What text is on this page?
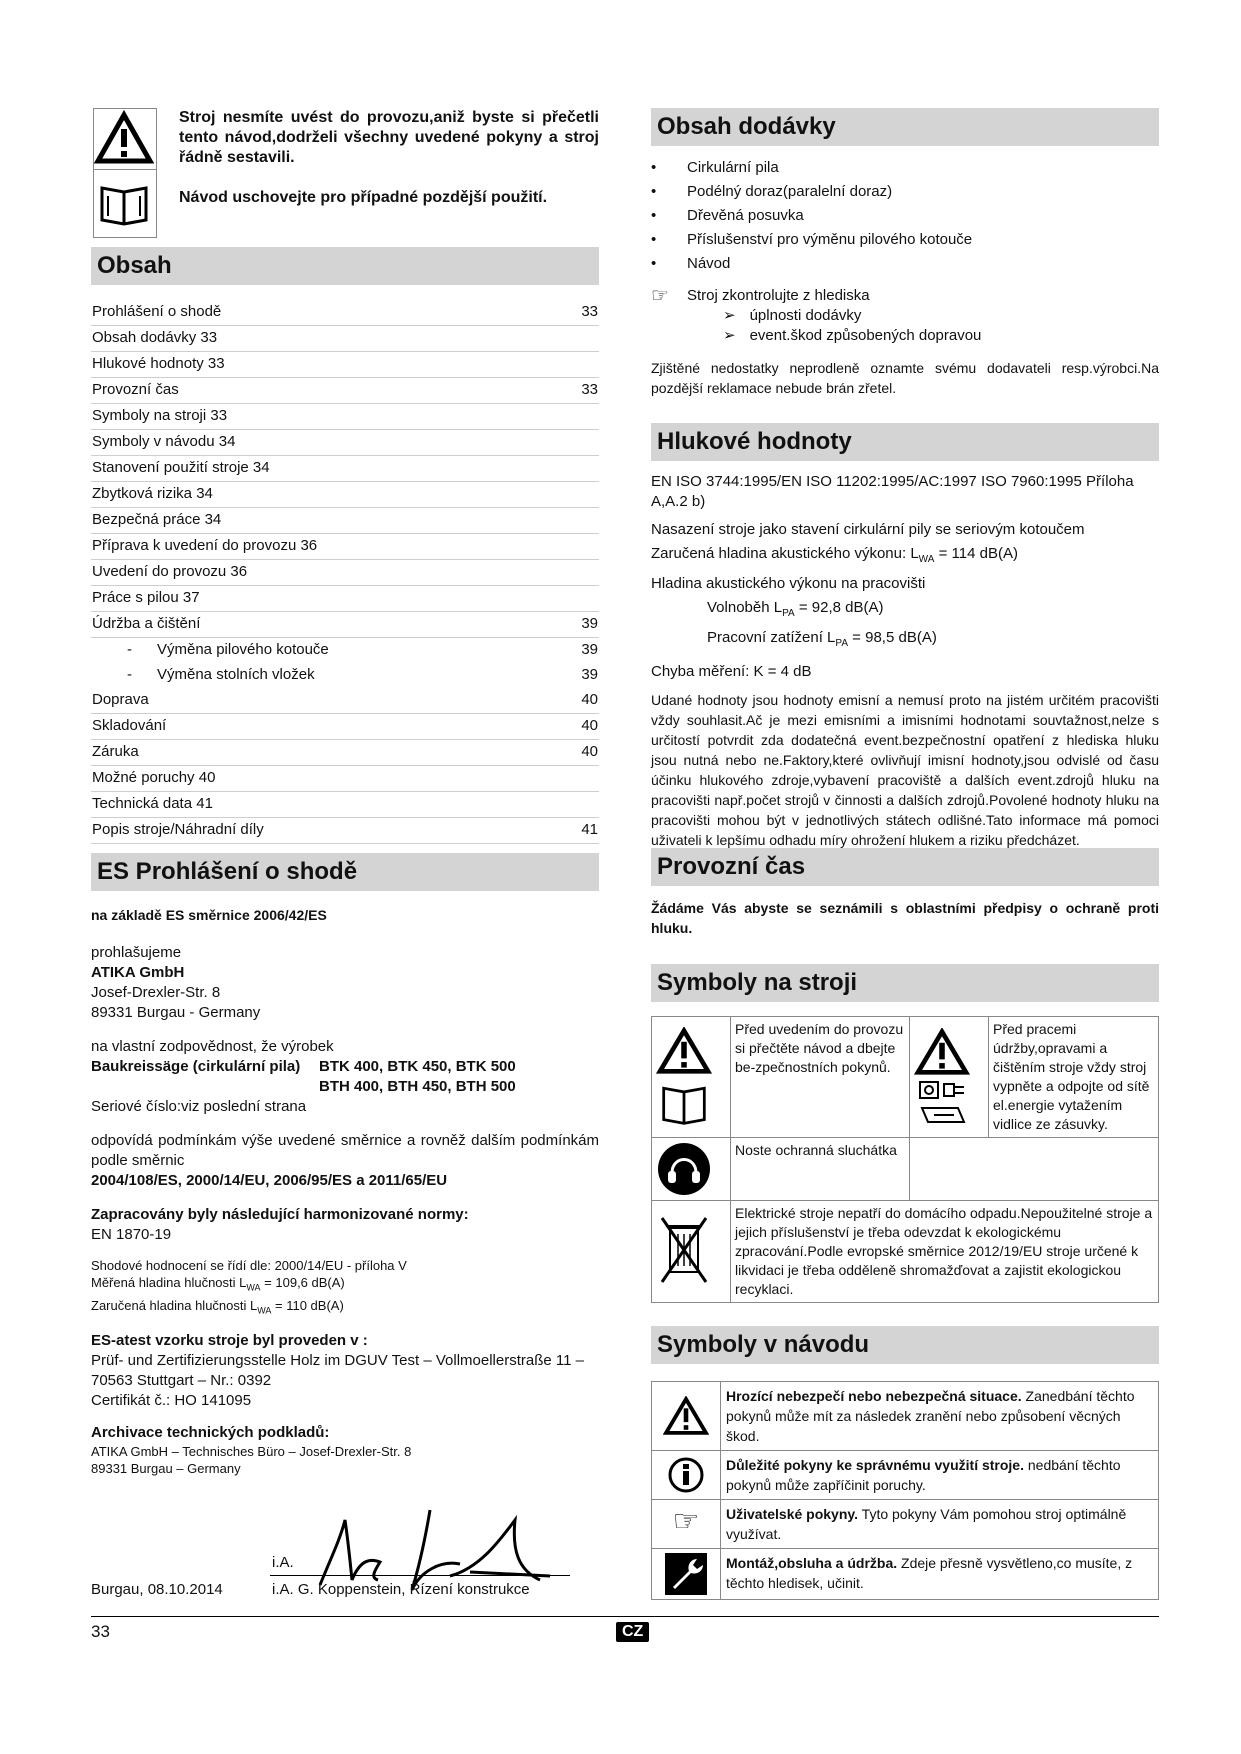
Stroj nesmíte uvést do provozu,aniž byste si přečetli tento návod,dodrželi všechny uvedené pokyny a stroj řádně sestavili.
Návod uschovejte pro případné pozdější použití.
Obsah
Prohlášení o shodě	33
Obsah dodávky 33	
Hlukové hodnoty 33	
Provozní čas	33
Symboly na stroji 33	
Symboly v návodu 34	
Stanovení použití stroje 34	
Zbytková rizika 34	
Bezpečná práce 34	
Příprava k uvedení do provozu 36	
Uvedení do provozu 36	
Práce s pilou 37	
Údržba a čištění	39
-      Výměna pilového kotouče	39
-      Výměna stolních vložek	39
Doprava	40
Skladování	40
Záruka	40
Možné poruchy 40	
Technická data 41	
Popis stroje/Náhradní díly	41
ES Prohlášení o shodě
na základě ES směrnice 2006/42/ES
prohlašujeme
ATIKA GmbH
Josef-Drexler-Str. 8
89331 Burgau - Germany
na vlastní zodpovědnost, že výrobek
Baukreissäge (cirkulární pila) BTK 400, BTK 450, BTK 500
BTH 400, BTH 450, BTH 500
Seriové číslo:viz poslední strana
odpovídá podmínkám výše uvedené směrnice a rovněž dalším podmínkám podle směrnic
2004/108/ES, 2000/14/EU, 2006/95/ES a 2011/65/EU
Zapracovány byly následující harmonizované normy:
EN 1870-19
Shodové hodnocení se řídí dle: 2000/14/EU - příloha V
Měřená hladina hlučnosti $L_{WA} = 109,6$ dB(A)
Zaručená hladina hlučnosti $L_{WA} = 110$ dB(A)
ES-atest vzorku stroje byl proveden v :
Prüf- und Zertifizierungsstelle Holz im DGUV Test – Vollmoellerstraße 11 –
70563 Stuttgart – Nr.: 0392
Certifikát č.: HO 141095
Archivace technických podkladů:
ATIKA GmbH – Technisches Büro – Josef-Drexler-Str. 8
89331 Burgau – Germany
i.A.
Burgau, 08.10.2014	i.A. G. Koppenstein, Řízení konstrukce
Obsah dodávky
• Cirkulární pila
• Podélný doraz(paralelní doraz)
• Dřevěná posuvka
• Příslušenství pro výměnu pilového kotouče
• Návod
☞	Stroj zkontrolujte z hlediska
➢ úplnosti dodávky
➢ event.škod způsobených dopravou
Zjištěné nedostatky neprodleně oznamte svému dodavateli resp.výrobci.Na pozdější reklamace nebude brán zřetel.
Hlukové hodnoty
EN ISO 3744:1995/EN ISO 11202:1995/AC:1997 ISO 7960:1995 Příloha A,A.2 b)
Nasazení stroje jako stavení cirkulární pily se seriovým kotoučem
Zaručená hladina akustického výkonu: $L_{WA} = 114$ dB(A)
Hladina akustického výkonu na pracovišti
Volnoběh $L_{PA} = 92,8$ dB(A)
Pracovní zatížení $L_{PA} = 98,5$ dB(A)
Chyba měření: K = 4 dB
Udané hodnoty jsou hodnoty emisní a nemusí proto na jistém určitém pracovišti vždy souhlasit.Ač je mezi emisními a imisními hodnotami souvtažnost,nelze s určitostí potvrdit zda dodatečná event.bezpečnostní opatření z hlediska hluku jsou nutná nebo ne.Faktory,které ovlivňují imisní hodnoty,jsou odvislé od času účinku hlukového zdroje,vybavení pracoviště a dalších event.zdrojů hluku na pracovišti např.počet strojů v činnosti a dalších zdrojů.Povolené hodnoty hluku na pracovišti mohou být v jednotlivých státech odlišné.Tato informace má pomoci uživateli k lepšímu odhadu míry ohrožení hlukem a riziku předcházet.
Provozní čas
Žádáme Vás abyste se seznámili s oblastními předpisy o ochraně proti hluku.
Symboly na stroji
	Před uvedením do provozu si přečtěte návod a dbejte be-zpečnostních pokynů.		Před pracemi údržby,opravami a čištěním stroje vždy stroj vypněte a odpojte od sítě el.energie vytažením vidlice ze zásuvky.

	Noste ochranná sluchátka		

	Elektrické stroje nepatří do domácího odpadu.Nepoužitelné stroje a jejich příslušenství je třeba odevzdat k ekologickému zpracování.Podle evropské směrnice 2012/19/EU stroje určené k likvidaci je třeba odděleně shromažďovat a zajistit ekologickou recyklaci.		
Symboly v návodu
	Hrozící nebezpečí nebo nebezpečná situace. Zanedbání těchto pokynů může mít za následek zranění nebo způsobení věcných škod.

	Důležité pokyny ke správnému využití stroje. nedbání těchto pokynů může zapříčinit poruchy.
☞	Uživatelské pokyny. Tyto pokyny Vám pomohou stroj optimálně využívat.

	Montáž,obsluha a údržba. Zdeje přesně vysvětleno,co musíte, z těchto hledisek, učinit.
33	CZ
